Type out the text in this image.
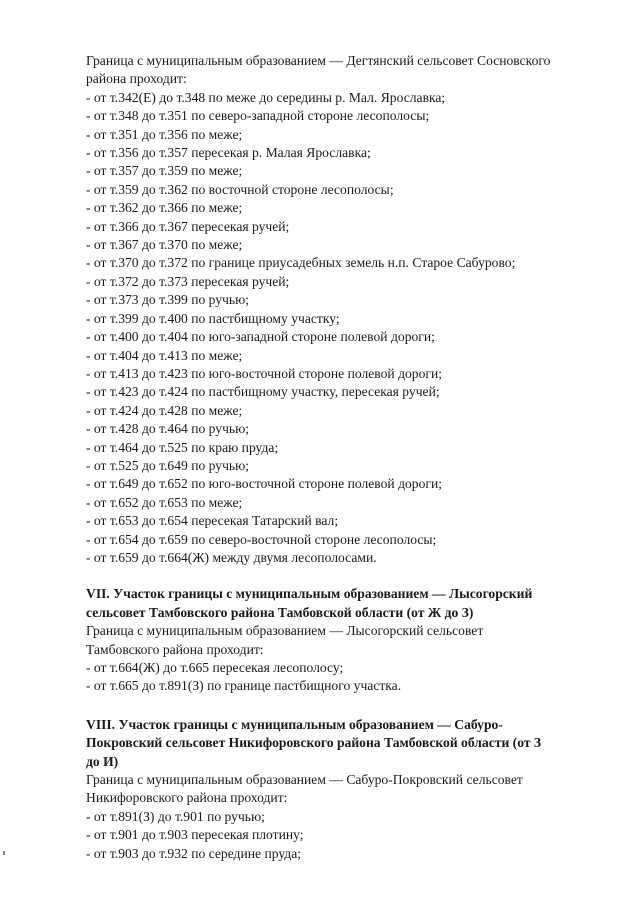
Граница с муниципальным образованием — Дегтянский сельсовет Сосновского

района проходит:

- от т.342(Е) до т.348 по меже до середины р. Мал. Ярославка;

- от т.348 до т.351 по северо-западной стороне лесополосы;

- от т.351 до т.356 по меже;

- от т.356 до т.357 пересекая р. Малая Ярославка;

- от т.357 до т.359 по меже;

- от т.359 до т.362 по восточной стороне лесополосы;

- от т.362 до т.366 по меже;

- от т.366 до т.367 пересекая ручей;

- от т.367 до т.370 по меже;

- от т.370 до т.372 по границе приусадебных земель н.п. Старое Сабурово;

- от т.372 до т.373 пересекая ручей;

- от т.373 до т.399 по ручью;

- от т.399 до т.400 по пастбищному участку;

- от т.400 до т.404 по юго-западной стороне полевой дороги;

- от т.404 до т.413 по меже;

- от т.413 до т.423 по юго-восточной стороне полевой дороги;

- от т.423 до т.424 по пастбищному участку, пересекая ручей;

- от т.424 до т.428 по меже;

- от т.428 до т.464 по ручью;

- от т.464 до т.525 по краю пруда;

- от т.525 до т.649 по ручью;

- от т.649 до т.652 по юго-восточной стороне полевой дороги;

- от т.652 до т.653 по меже;

- от т.653 до т.654 пересекая Татарский вал;

- от т.654 до т.659 по северо-восточной стороне лесополосы;

- от т.659 до т.664(Ж) между двумя лесополосами.

VII. Участок границы с муниципальным образованием — Лысогорский

сельсовет Тамбовского района Тамбовской области (от Ж до З)

Граница с муниципальным образованием — Лысогорский сельсовет

Тамбовского района проходит:

- от т.664(Ж) до т.665 пересекая лесополосу;

- от т.665 до т.891(З) по границе пастбищного участка.

VIII. Участок границы с муниципальным образованием — Сабуро-

Покровский сельсовет Никифоровского района Тамбовской области (от З

до И)

Граница с муниципальным образованием — Сабуро-Покровский сельсовет

Никифоровского района проходит:

- от т.891(З) до т.901 по ручью;

- от т.901 до т.903 пересекая плотину;

- от т.903 до т.932 по середине пруда;
